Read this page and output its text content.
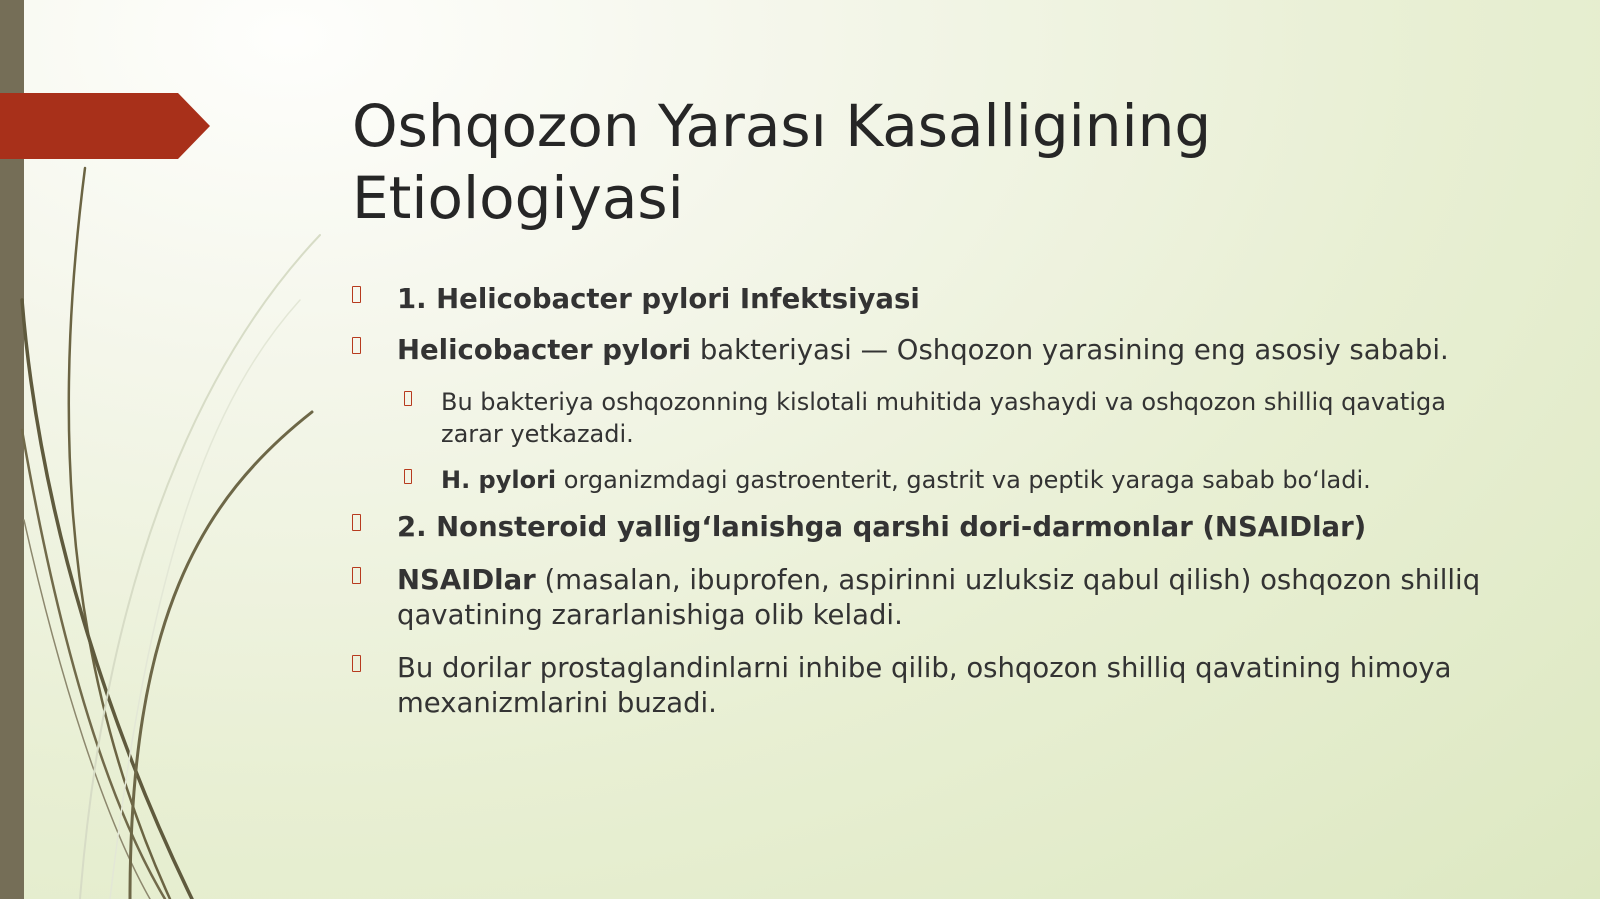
Oshqozon Yarası Kasalligining
Etiologiyasi
1. Helicobacter pylori Infektsiyasi
Helicobacter pylori bakteriyasi — Oshqozon yarasining eng asosiy sababi.
Bu bakteriya oshqozonning kislotali muhitida yashaydi va oshqozon shilliq qavatiga zarar yetkazadi.
H. pylori organizmdagi gastroenterit, gastrit va peptik yaraga sabab bo‘ladi.
2. Nonsteroid yallig‘lanishga qarshi dori-darmonlar (NSAIDlar)
NSAIDlar (masalan, ibuprofen, aspirinni uzluksiz qabul qilish) oshqozon shilliq qavatining zararlanishiga olib keladi.
Bu dorilar prostaglandinlarni inhibe qilib, oshqozon shilliq qavatining himoya mexanizmlarini buzadi.
